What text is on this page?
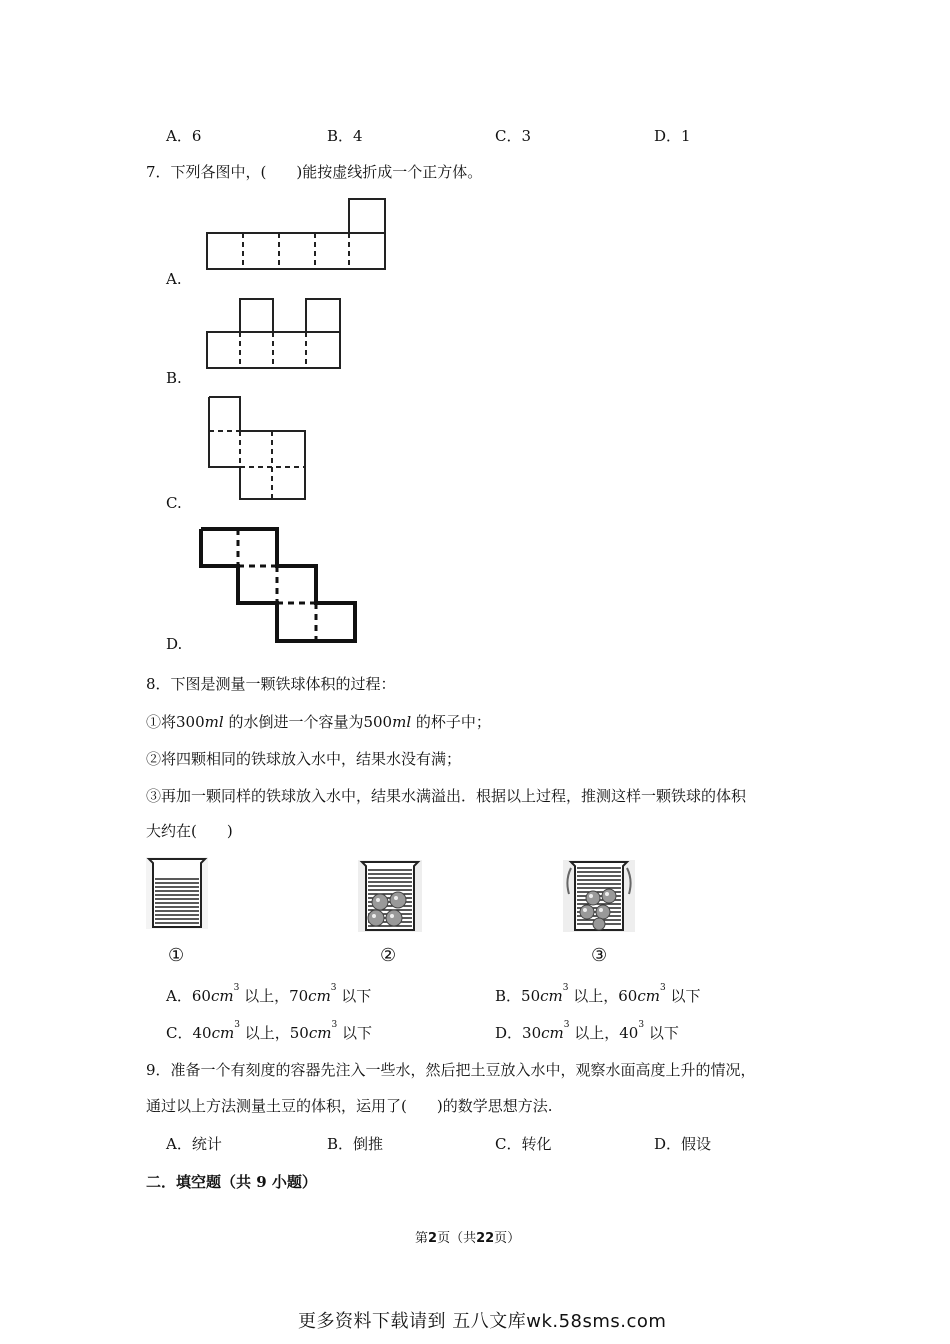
A．6	B．4	C．3	D．1
7．下列各图中，(　　)能按虚线折成一个正方体。
A.
B.
C.
D.
8．下图是测量一颗铁球体积的过程：
①将300ml 的水倒进一个容量为500ml 的杯子中；
②将四颗相同的铁球放入水中，结果水没有满；
③再加一颗同样的铁球放入水中，结果水满溢出．根据以上过程，推测这样一颗铁球的体积
大约在(　　)
①	②	③
A．$60cm^3$ 以上，$70cm^3$ 以下	B．$50cm^3$ 以上，$60cm^3$ 以下
C．$40cm^3$ 以上，$50cm^3$ 以下	D．$30cm^3$ 以上，$40^3$ 以下
9．准备一个有刻度的容器先注入一些水，然后把土豆放入水中，观察水面高度上升的情况，
通过以上方法测量土豆的体积，运用了(　　)的数学思想方法.
A．统计	B．倒推	C．转化	D．假设
二．填空题（共 9 小题）
第2页（共22页）
更多资料下载请到 五八文库wk.58sms.com
